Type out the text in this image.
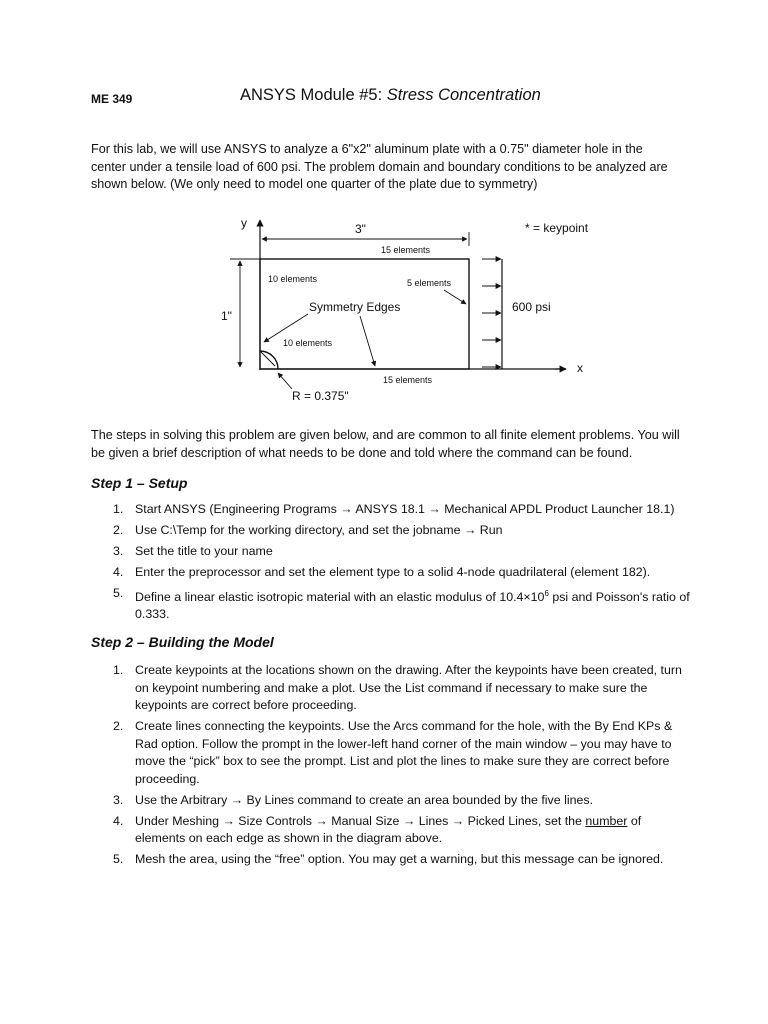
ME 349	ANSYS Module #5: Stress Concentration

For this lab, we will use ANSYS to analyze a 6"x2" aluminum plate with a 0.75" diameter hole in the center under a tensile load of 600 psi. The problem domain and boundary conditions to be analyzed are shown below. (We only need to model one quarter of the plate due to symmetry)

y
x
3"
1"
* = keypoint
15 elements
10 elements	5 elements
10 elements
15 elements
Symmetry Edges	600 psi
R = 0.375"

The steps in solving this problem are given below, and are common to all finite element problems. You will be given a brief description of what needs to be done and told where the command can be found.

Step 1 – Setup
1. Start ANSYS (Engineering Programs → ANSYS 18.1 → Mechanical APDL Product Launcher 18.1)
2. Use C:\Temp for the working directory, and set the jobname → Run
3. Set the title to your name
4. Enter the preprocessor and set the element type to a solid 4-node quadrilateral (element 182).
5. Define a linear elastic isotropic material with an elastic modulus of $10.4\times 10^6$ psi and Poisson's ratio of 0.333.
Step 2 – Building the Model
1. Create keypoints at the locations shown on the drawing. After the keypoints have been created, turn on keypoint numbering and make a plot. Use the List command if necessary to make sure the keypoints are correct before proceeding.
2. Create lines connecting the keypoints. Use the Arcs command for the hole, with the By End KPs & Rad option. Follow the prompt in the lower-left hand corner of the main window – you may have to move the “pick” box to see the prompt. List and plot the lines to make sure they are correct before proceeding.
3. Use the Arbitrary → By Lines command to create an area bounded by the five lines.
4. Under Meshing → Size Controls → Manual Size → Lines → Picked Lines, set the number of elements on each edge as shown in the diagram above.
5. Mesh the area, using the “free” option. You may get a warning, but this message can be ignored.
